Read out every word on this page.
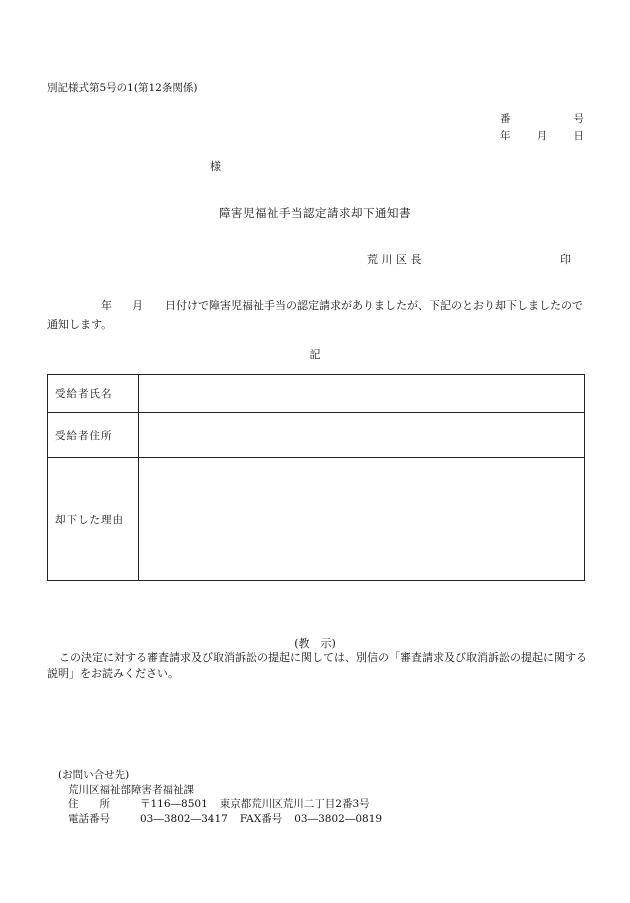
別記様式第5号の1(第12条関係)
番	号
年	月	日
様
障害児福祉手当認定請求却下通知書
荒 川 区 長	印
年 月 日付けで障害児福祉手当の認定請求がありましたが、下記のとおり却下しましたので通知します。
記
受給者氏名	
受給者住所	
却下した理由	
(教　示)
この決定に対する審査請求及び取消訴訟の提起に関しては、別信の「審査請求及び取消訴訟の提起に関する説明」をお読みください。
(お問い合せ先)
荒川区福祉部障害者福祉課
住　　所	〒116―8501 東京都荒川区荒川二丁目2番3号
電話番号	03―3802―3417 FAX番号 03―3802―0819
